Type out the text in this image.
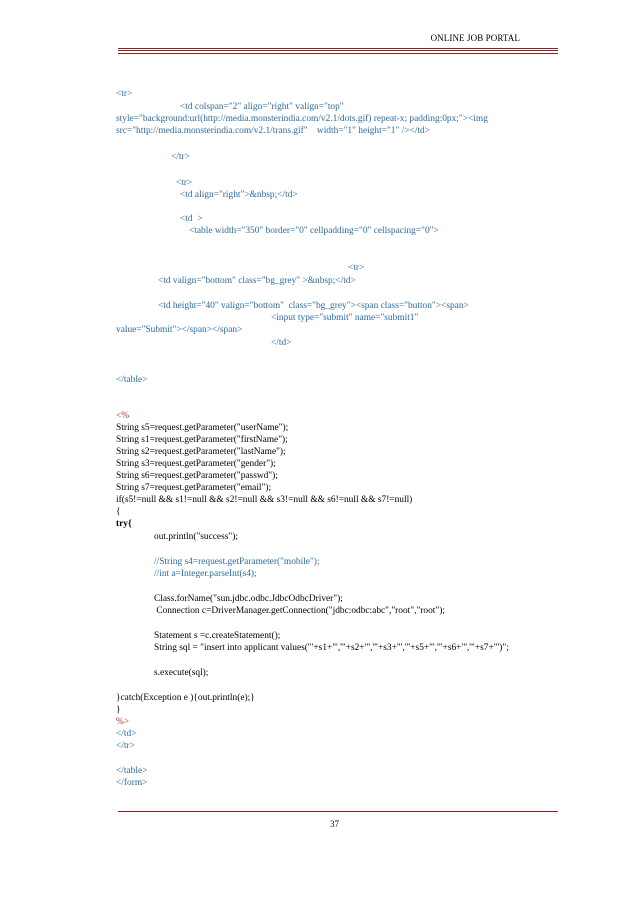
ONLINE JOB PORTAL
<tr>
<td colspan="2" align="right" valign="top"
style="background:url(http://media.monsterindia.com/v2.1/dots.gif) repeat-x; padding:0px;"><img
src="http://media.monsterindia.com/v2.1/trans.gif"    width="1" height="1" /></td>
</tr>
<tr>
<td align="right">&nbsp;</td>
<td  >
<table width="350" border="0" cellpadding="0" cellspacing="0">
<tr>
<td valign="bottom" class="bg_grey" >&nbsp;</td>
<td height="40" valign="bottom"  class="bg_grey"><span class="button"><span>
<input type="submit" name="submit1"
value="Submit"></span></span>
</td>
</table>
<%
String s5=request.getParameter("userName");
String s1=request.getParameter("firstName");
String s2=request.getParameter("lastName");
String s3=request.getParameter("gender");
String s6=request.getParameter("passwd");
String s7=request.getParameter("email");
if(s5!=null && s1!=null && s2!=null && s3!=null && s6!=null && s7!=null)
{
try{
out.println("success");
//String s4=request.getParameter("mobile");
//int a=Integer.parseInt(s4);
Class.forName("sun.jdbc.odbc.JdbcOdbcDriver");
Connection c=DriverManager.getConnection("jdbc:odbc:abc","root","root");
Statement s =c.createStatement();
String sql = "insert into applicant values('"+s1+"','"+s2+"','"+s3+"','"+s5+"','"+s6+"','"+s7+"')";
s.execute(sql);
}catch(Exception e ){out.println(e);}
}
%>
</td>
</tr>
</table>
</form>
37
